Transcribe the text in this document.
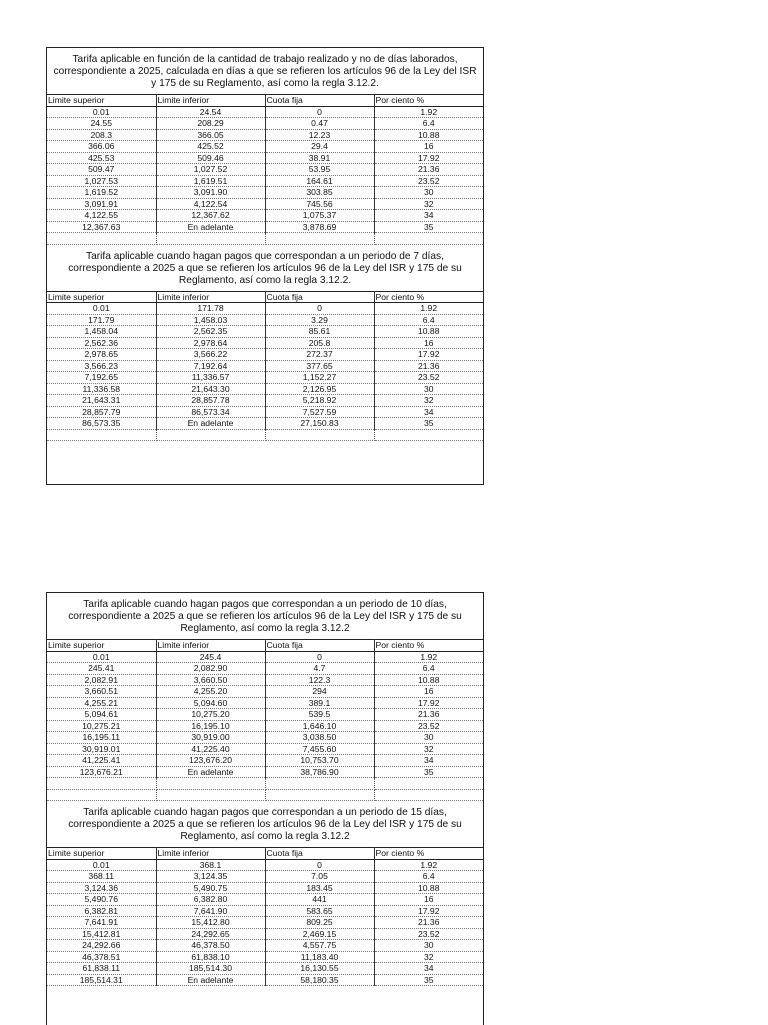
Tarifa aplicable en función de la cantidad de trabajo realizado y no de días laborados, correspondiente a 2025, calculada en días a que se refieren los artículos 96 de la Ley del ISR y 175 de su Reglamento, así como la regla 3.12.2.
Limite superior	Limite inferior	Cuota fija	Por ciento %
0.01	24.54	0	1.92
24.55	208.29	0.47	6.4
208.3	366.05	12.23	10.88
366.06	425.52	29.4	16
425.53	509.46	38.91	17.92
509.47	1,027.52	53.95	21.36
1,027.53	1,619.51	164.61	23.52
1,619.52	3,091.90	303.85	30
3,091.91	4,122.54	745.56	32
4,122.55	12,367.62	1,075.37	34
12,367.63	En adelante	3,878.69	35

Tarifa aplicable cuando hagan pagos que correspondan a un periodo de 7 días, correspondiente a 2025 a que se refieren los artículos 96 de la Ley del ISR y 175 de su Reglamento, así como la regla 3.12.2.
Limite superior	Limite inferior	Cuota fija	Por ciento %
0.01	171.78	0	1.92
171.79	1,458.03	3.29	6.4
1,458.04	2,562.35	85.61	10.88
2,562.36	2,978.64	205.8	16
2,978.65	3,566.22	272.37	17.92
3,566.23	7,192.64	377.65	21.36
7,192.65	11,336.57	1,152.27	23.52
11,336.58	21,643.30	2,126.95	30
21,643.31	28,857.78	5,218.92	32
28,857.79	86,573.34	7,527.59	34
86,573.35	En adelante	27,150.83	35

Tarifa aplicable cuando hagan pagos que correspondan a un periodo de 10 días, correspondiente a 2025 a que se refieren los artículos 96 de la Ley del ISR y 175 de su Reglamento, así como la regla 3.12.2
Limite superior	Limite inferior	Cuota fija	Por ciento %
0.01	245.4	0	1.92
245.41	2,082.90	4.7	6.4
2,082.91	3,660.50	122.3	10.88
3,660.51	4,255.20	294	16
4,255.21	5,094.60	389.1	17.92
5,094.61	10,275.20	539.5	21.36
10,275.21	16,195.10	1,646.10	23.52
16,195.11	30,919.00	3,038.50	30
30,919.01	41,225.40	7,455.60	32
41,225.41	123,676.20	10,753.70	34
123,676.21	En adelante	38,786.90	35

Tarifa aplicable cuando hagan pagos que correspondan a un periodo de 15 días, correspondiente a 2025 a que se refieren los artículos 96 de la Ley del ISR y 175 de su Reglamento, así como la regla 3.12.2
Limite superior	Limite inferior	Cuota fija	Por ciento %
0.01	368.1	0	1.92
368.11	3,124.35	7.05	6.4
3,124.36	5,490.75	183.45	10.88
5,490.76	6,382.80	441	16
6,382.81	7,641.90	583.65	17.92
7,641.91	15,412.80	809.25	21.36
15,412.81	24,292.65	2,469.15	23.52
24,292.66	46,378.50	4,557.75	30
46,378.51	61,838.10	11,183.40	32
61,838.11	185,514.30	16,130.55	34
185,514.31	En adelante	58,180.35	35
